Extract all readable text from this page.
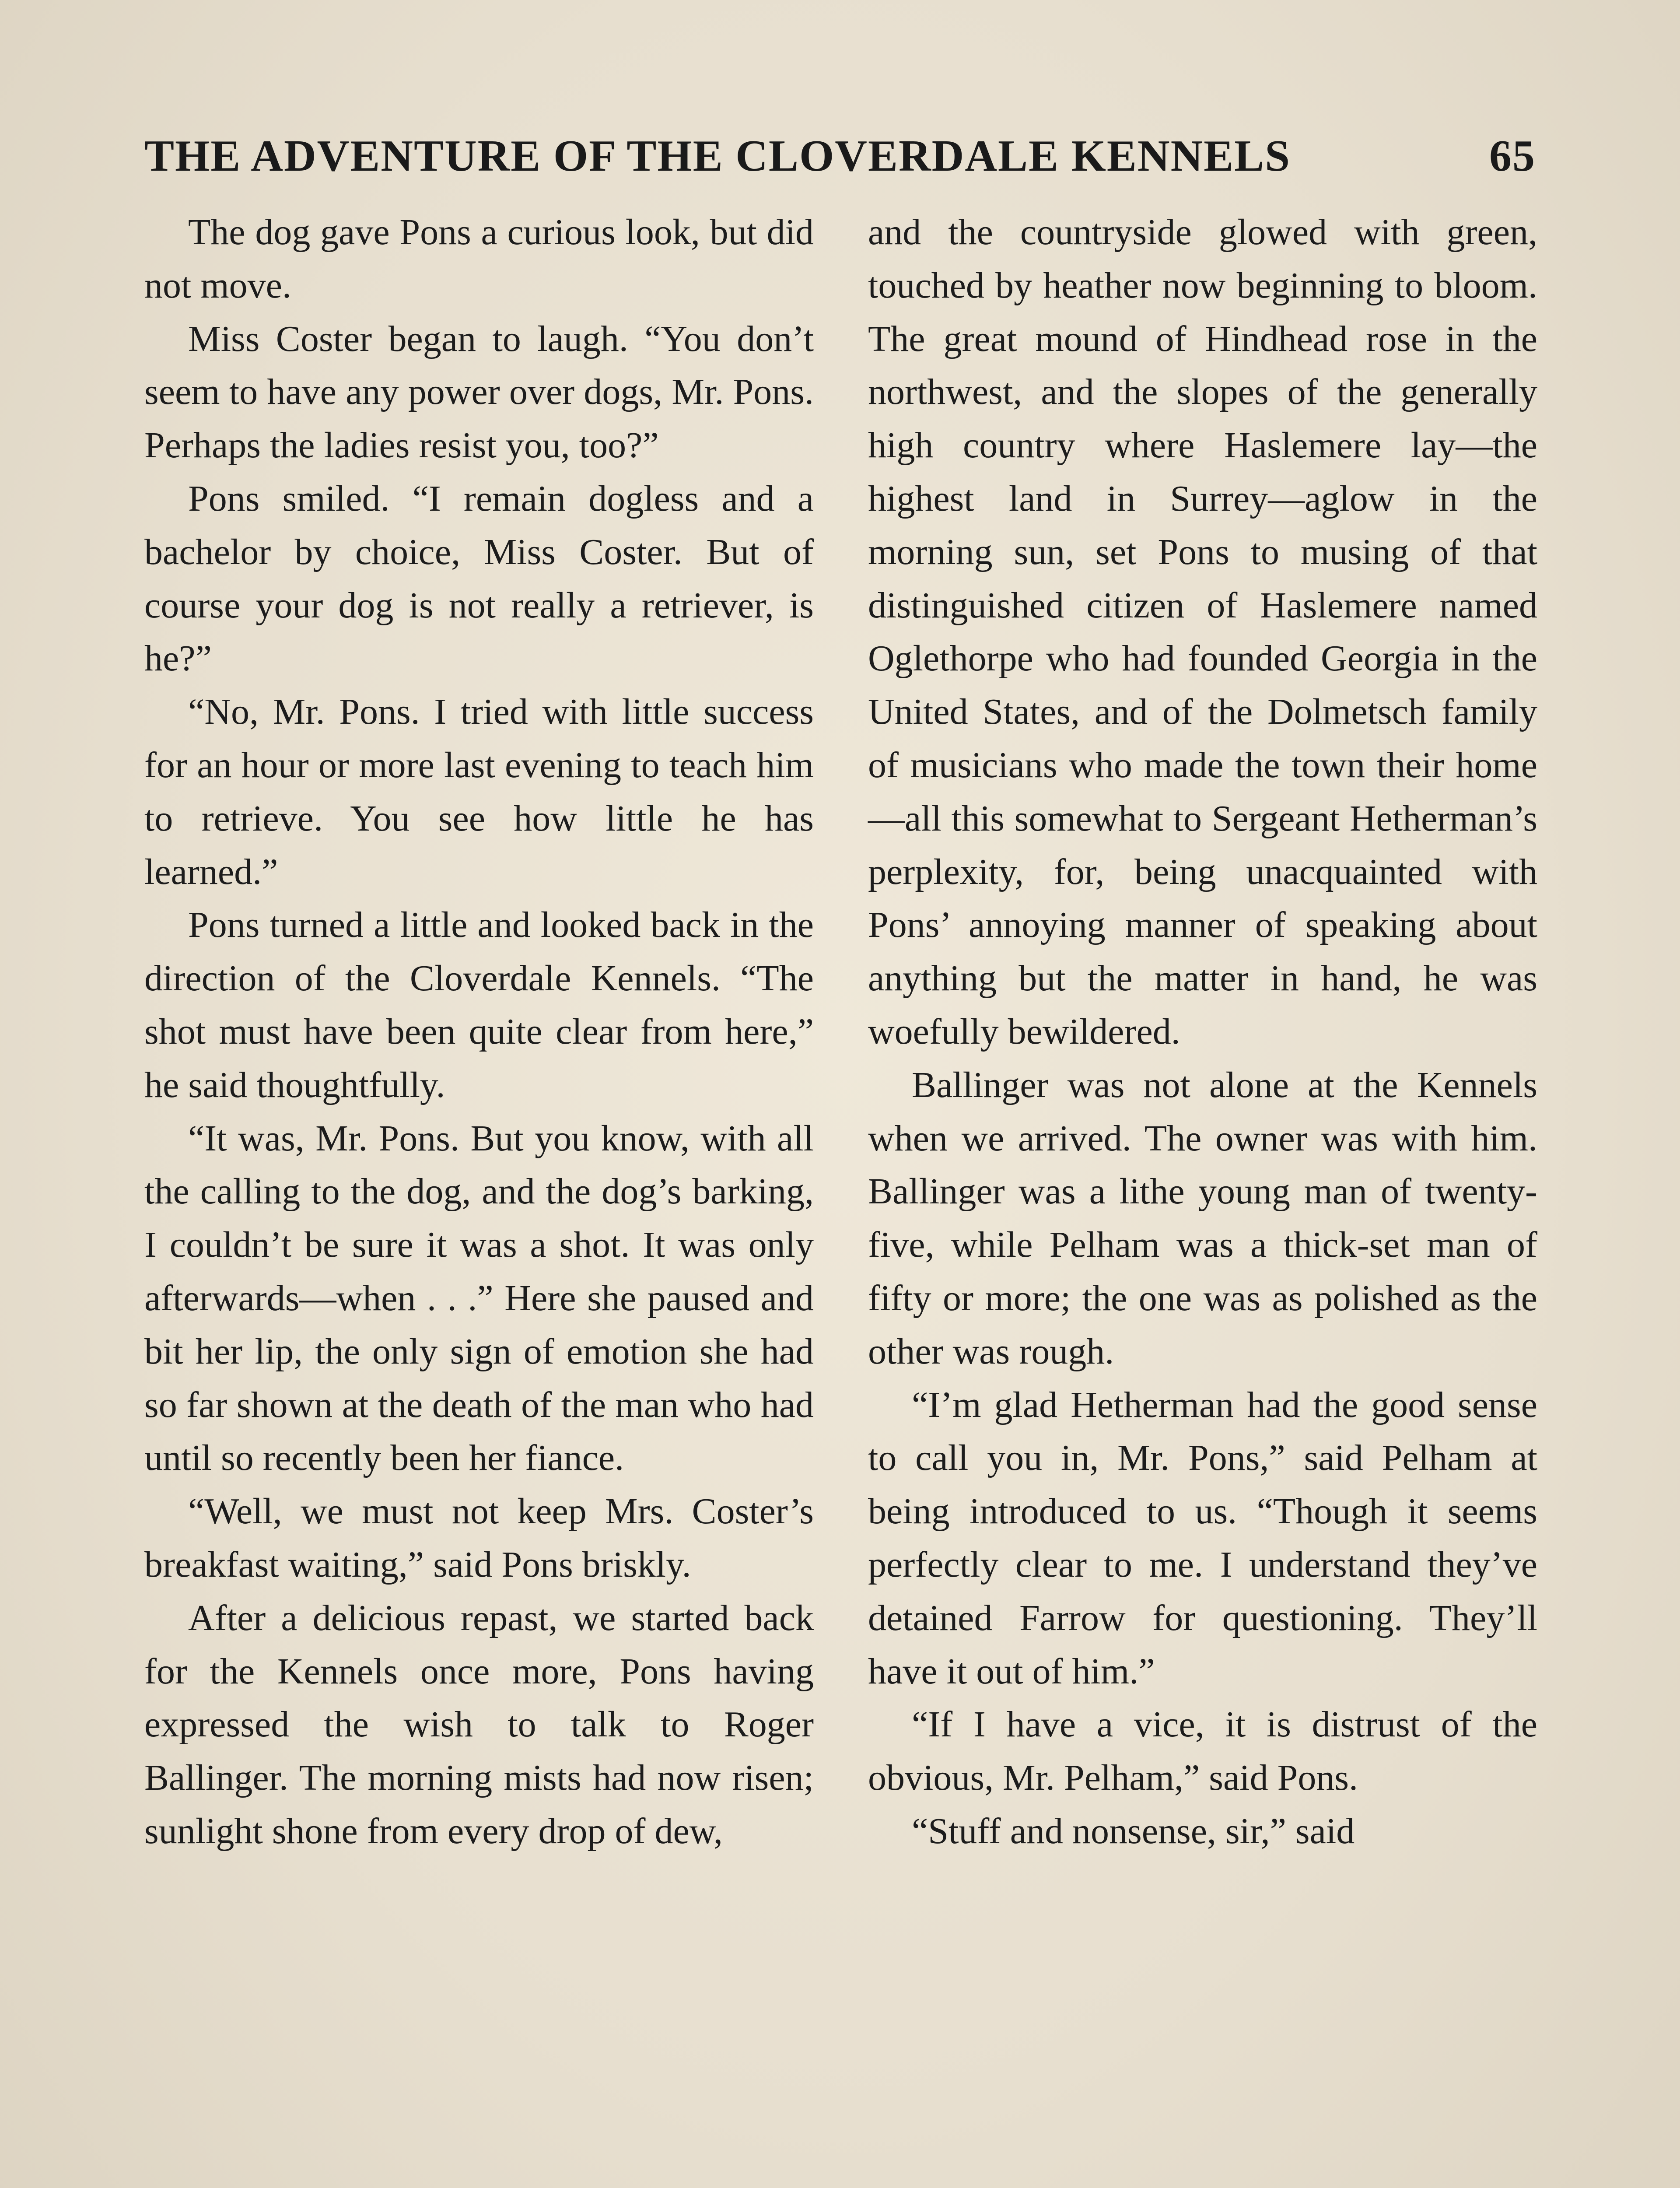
THE ADVENTURE OF THE CLOVERDALE KENNELS	65

The dog gave Pons a curious look, but did not move.

Miss Coster began to laugh. “You don’t seem to have any power over dogs, Mr. Pons. Perhaps the ladies resist you, too?”

Pons smiled. “I remain dogless and a bachelor by choice, Miss Coster. But of course your dog is not really a retriever, is he?”

“No, Mr. Pons. I tried with little success for an hour or more last evening to teach him to retrieve. You see how little he has learned.”

Pons turned a little and looked back in the direction of the Cloverdale Kennels. “The shot must have been quite clear from here,” he said thoughtfully.

“It was, Mr. Pons. But you know, with all the calling to the dog, and the dog’s barking, I couldn’t be sure it was a shot. It was only afterwards—when . . .” Here she paused and bit her lip, the only sign of emotion she had so far shown at the death of the man who had until so recently been her fiance.

“Well, we must not keep Mrs. Coster’s breakfast waiting,” said Pons briskly.

After a delicious repast, we started back for the Kennels once more, Pons having expressed the wish to talk to Roger Ballinger. The morning mists had now risen; sunlight shone from every drop of dew,

and the countryside glowed with green, touched by heather now beginning to bloom. The great mound of Hindhead rose in the northwest, and the slopes of the generally high country where Haslemere lay—the highest land in Surrey—aglow in the morning sun, set Pons to musing of that distinguished citizen of Haslemere named Oglethorpe who had founded Georgia in the United States, and of the Dolmetsch family of musicians who made the town their home—all this somewhat to Sergeant Hetherman’s perplexity, for, being unacquainted with Pons’ annoying manner of speaking about anything but the matter in hand, he was woefully bewildered.

Ballinger was not alone at the Kennels when we arrived. The owner was with him. Ballinger was a lithe young man of twenty-five, while Pelham was a thick-set man of fifty or more; the one was as polished as the other was rough.

“I’m glad Hetherman had the good sense to call you in, Mr. Pons,” said Pelham at being introduced to us. “Though it seems perfectly clear to me. I understand they’ve detained Farrow for questioning. They’ll have it out of him.”

“If I have a vice, it is distrust of the obvious, Mr. Pelham,” said Pons.

“Stuff and nonsense, sir,” said
